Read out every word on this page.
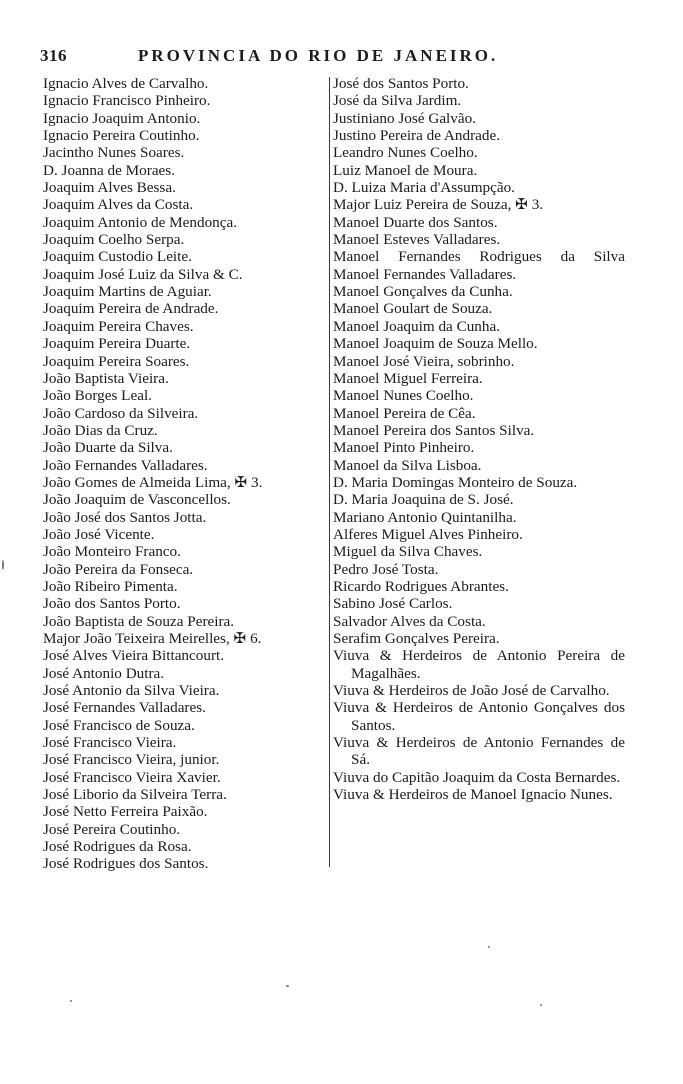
316	PROVINCIA DO RIO DE JANEIRO.
Ignacio Alves de Carvalho.
Ignacio Francisco Pinheiro.
Ignacio Joaquim Antonio.
Ignacio Pereira Coutinho.
Jacintho Nunes Soares.
D. Joanna de Moraes.
Joaquim Alves Bessa.
Joaquim Alves da Costa.
Joaquim Antonio de Mendonça.
Joaquim Coelho Serpa.
Joaquim Custodio Leite.
Joaquim José Luiz da Silva & C.
Joaquim Martins de Aguiar.
Joaquim Pereira de Andrade.
Joaquim Pereira Chaves.
Joaquim Pereira Duarte.
Joaquim Pereira Soares.
João Baptista Vieira.
João Borges Leal.
João Cardoso da Silveira.
João Dias da Cruz.
João Duarte da Silva.
João Fernandes Valladares.
João Gomes de Almeida Lima, ✠ 3.
João Joaquim de Vasconcellos.
João José dos Santos Jotta.
João José Vicente.
João Monteiro Franco.
João Pereira da Fonseca.
João Ribeiro Pimenta.
João dos Santos Porto.
João Baptista de Souza Pereira.
Major João Teixeira Meirelles, ✠ 6.
José Alves Vieira Bittancourt.
José Antonio Dutra.
José Antonio da Silva Vieira.
José Fernandes Valladares.
José Francisco de Souza.
José Francisco Vieira.
José Francisco Vieira, junior.
José Francisco Vieira Xavier.
José Liborio da Silveira Terra.
José Netto Ferreira Paixão.
José Pereira Coutinho.
José Rodrigues da Rosa.
José Rodrigues dos Santos.
José dos Santos Porto.
José da Silva Jardim.
Justiniano José Galvão.
Justino Pereira de Andrade.
Leandro Nunes Coelho.
Luiz Manoel de Moura.
D. Luiza Maria d'Assumpção.
Major Luiz Pereira de Souza, ✠ 3.
Manoel Duarte dos Santos.
Manoel Esteves Valladares.
Manoel Fernandes Rodrigues da Silva
Manoel Fernandes Valladares.
Manoel Gonçalves da Cunha.
Manoel Goulart de Souza.
Manoel Joaquim da Cunha.
Manoel Joaquim de Souza Mello.
Manoel José Vieira, sobrinho.
Manoel Miguel Ferreira.
Manoel Nunes Coelho.
Manoel Pereira de Cêa.
Manoel Pereira dos Santos Silva.
Manoel Pinto Pinheiro.
Manoel da Silva Lisboa.
D. Maria Domingas Monteiro de Souza.
D. Maria Joaquina de S. José.
Mariano Antonio Quintanilha.
Alferes Miguel Alves Pinheiro.
Miguel da Silva Chaves.
Pedro José Tosta.
Ricardo Rodrigues Abrantes.
Sabino José Carlos.
Salvador Alves da Costa.
Serafim Gonçalves Pereira.
Viuva & Herdeiros de Antonio Pereira de Magalhães.
Viuva & Herdeiros de João José de Carvalho.
Viuva & Herdeiros de Antonio Gonçalves dos Santos.
Viuva & Herdeiros de Antonio Fernandes de Sá.
Viuva do Capitão Joaquim da Costa Bernardes.
Viuva & Herdeiros de Manoel Ignacio Nunes.
